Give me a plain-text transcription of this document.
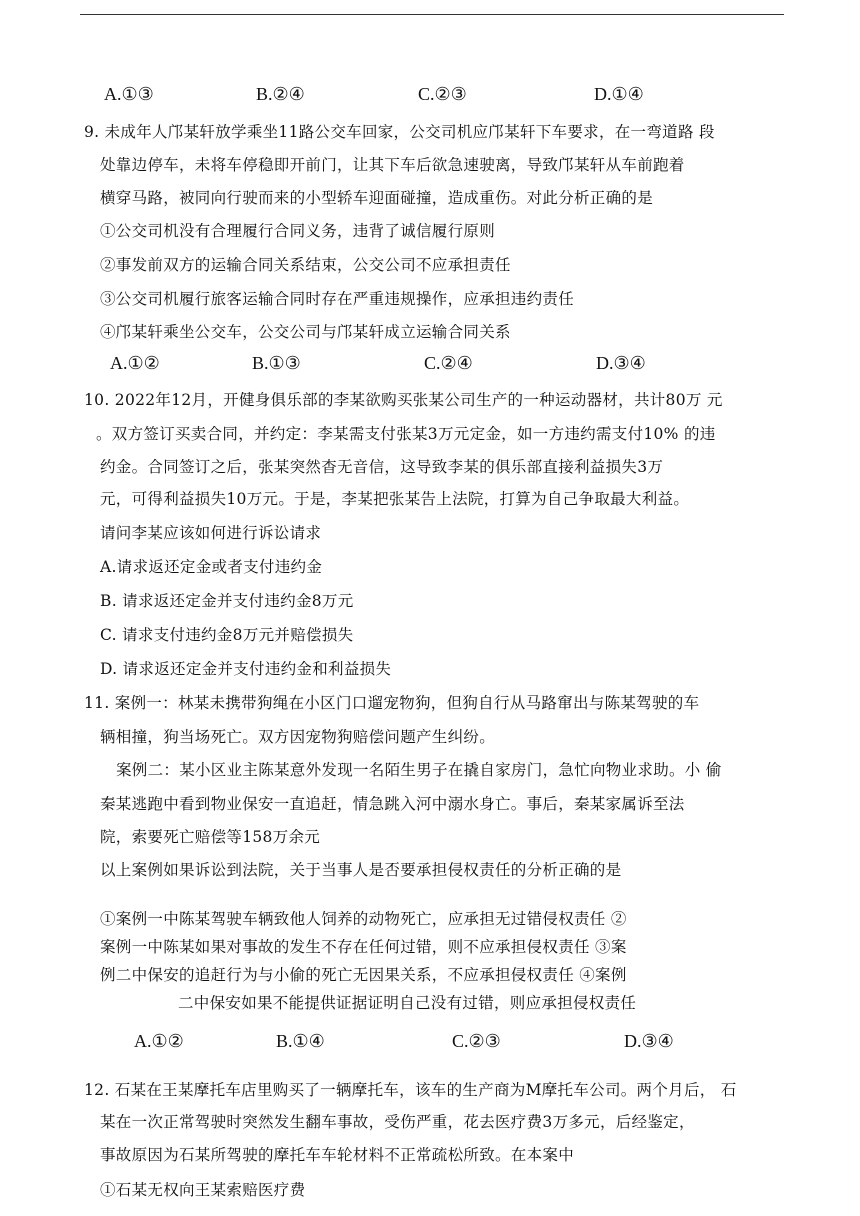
A.①③	B.②④	C.②③	D.①④
9. 未成年人邝某轩放学乘坐11路公交车回家，公交司机应邝某轩下车要求，在一弯道路 段
处靠边停车，未将车停稳即开前门，让其下车后欲急速驶离，导致邝某轩从车前跑着
横穿马路，被同向行驶而来的小型轿车迎面碰撞，造成重伤。对此分析正确的是
①公交司机没有合理履行合同义务，违背了诚信履行原则
②事发前双方的运输合同关系结束，公交公司不应承担责任
③公交司机履行旅客运输合同时存在严重违规操作，应承担违约责任
④邝某轩乘坐公交车，公交公司与邝某轩成立运输合同关系
A.①②	B.①③	C.②④	D.③④
10. 2022年12月，开健身俱乐部的李某欲购买张某公司生产的一种运动器材，共计80万 元
。双方签订买卖合同，并约定：李某需支付张某3万元定金，如一方违约需支付10% 的违
约金。合同签订之后，张某突然杳无音信，这导致李某的俱乐部直接利益损失3万
元，可得利益损失10万元。于是，李某把张某告上法院，打算为自己争取最大利益。
请问李某应该如何进行诉讼请求
A.请求返还定金或者支付违约金
B. 请求返还定金并支付违约金8万元
C. 请求支付违约金8万元并赔偿损失
D. 请求返还定金并支付违约金和利益损失
11. 案例一：林某未携带狗绳在小区门口遛宠物狗，但狗自行从马路窜出与陈某驾驶的车
辆相撞，狗当场死亡。双方因宠物狗赔偿问题产生纠纷。
案例二：某小区业主陈某意外发现一名陌生男子在撬自家房门，急忙向物业求助。小 偷
秦某逃跑中看到物业保安一直追赶，情急跳入河中溺水身亡。事后，秦某家属诉至法
院，索要死亡赔偿等158万余元
以上案例如果诉讼到法院，关于当事人是否要承担侵权责任的分析正确的是
①案例一中陈某驾驶车辆致他人饲养的动物死亡，应承担无过错侵权责任 ②
案例一中陈某如果对事故的发生不存在任何过错，则不应承担侵权责任 ③案
例二中保安的追赶行为与小偷的死亡无因果关系，不应承担侵权责任 ④案例
二中保安如果不能提供证据证明自己没有过错，则应承担侵权责任
A.①②	B.①④	C.②③	D.③④
12. 石某在王某摩托车店里购买了一辆摩托车，该车的生产商为M摩托车公司。两个月后， 石
某在一次正常驾驶时突然发生翻车事故，受伤严重，花去医疗费3万多元，后经鉴定，
事故原因为石某所驾驶的摩托车车轮材料不正常疏松所致。在本案中
①石某无权向王某索赔医疗费
